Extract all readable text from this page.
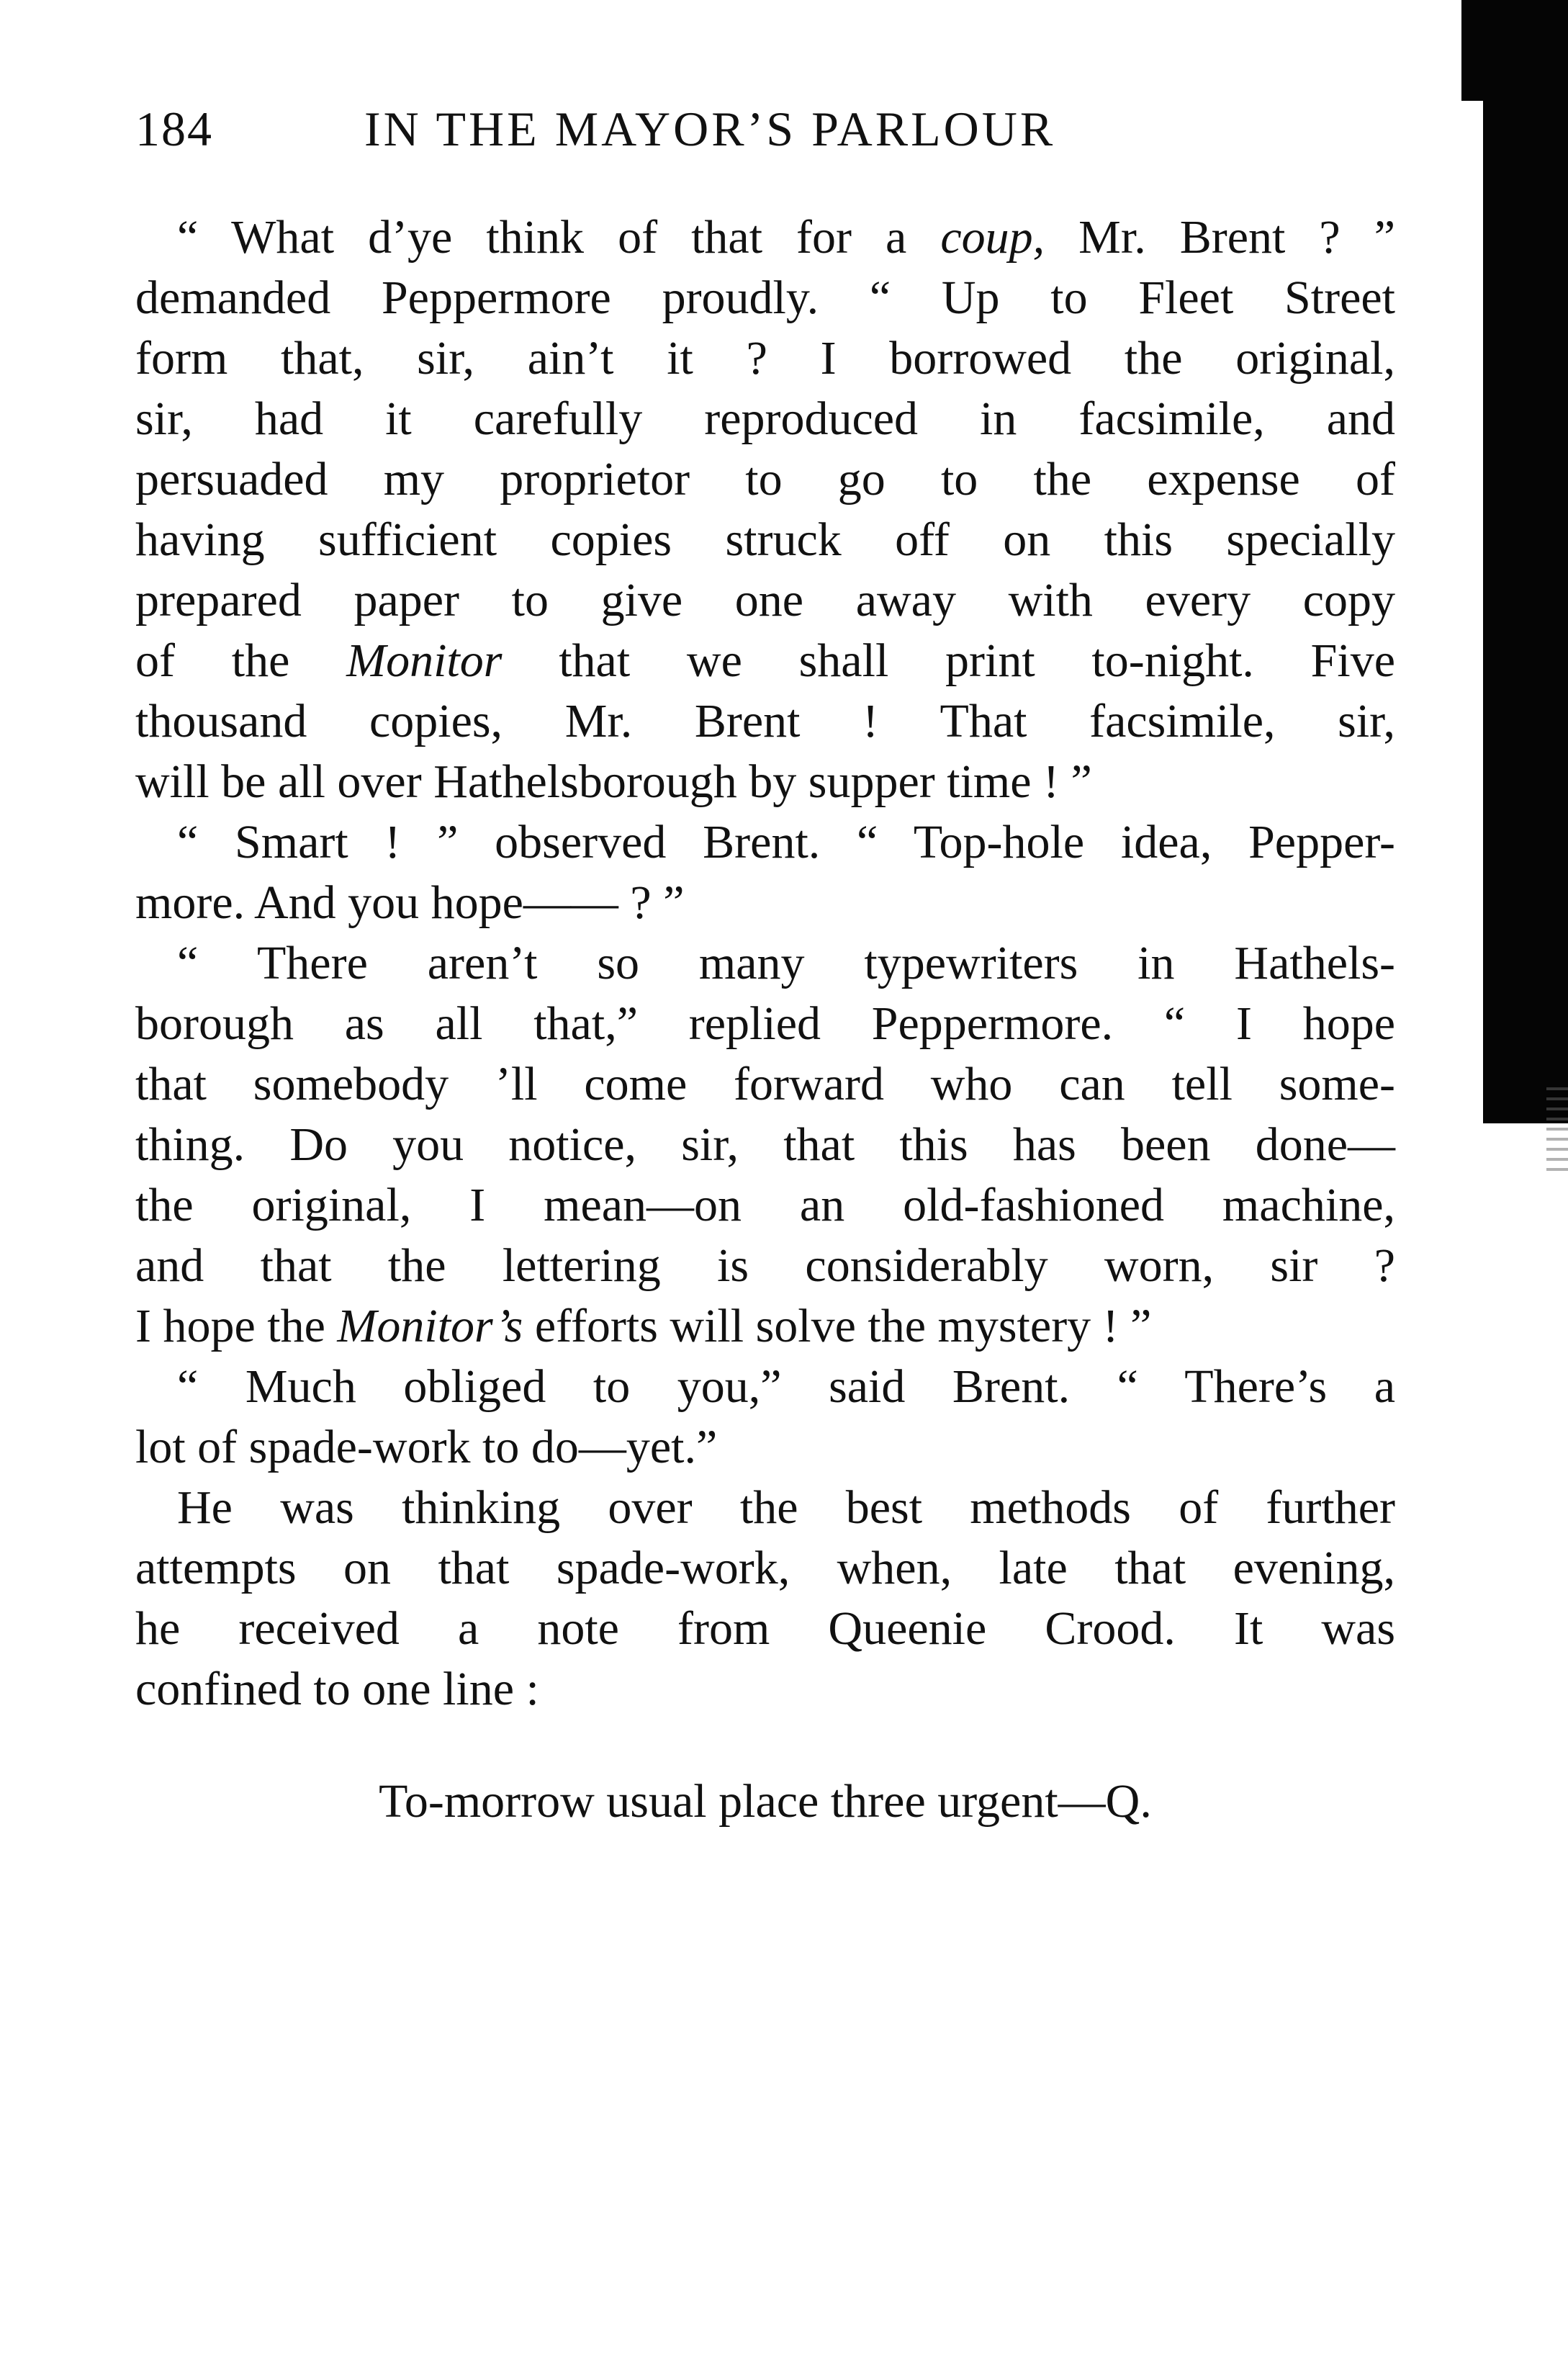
184	IN THE MAYOR’S PARLOUR
“ What d’ye think of that for a coup, Mr. Brent ? ”
demanded Peppermore proudly. “ Up to Fleet Street
form that, sir, ain’t it ? I borrowed the original,
sir, had it carefully reproduced in facsimile, and
persuaded my proprietor to go to the expense of
having sufficient copies struck off on this specially
prepared paper to give one away with every copy
of the Monitor that we shall print to-night. Five
thousand copies, Mr. Brent ! That facsimile, sir,
will be all over Hathelsborough by supper time ! ”
“ Smart ! ” observed Brent. “ Top-hole idea, Pepper-
more. And you hope—— ? ”
“ There aren’t so many typewriters in Hathels-
borough as all that,” replied Peppermore. “ I hope
that somebody ’ll come forward who can tell some-
thing. Do you notice, sir, that this has been done—
the original, I mean—on an old-fashioned machine,
and that the lettering is considerably worn, sir ?
I hope the Monitor’s efforts will solve the mystery ! ”
“ Much obliged to you,” said Brent. “ There’s a
lot of spade-work to do—yet.”
He was thinking over the best methods of further
attempts on that spade-work, when, late that evening,
he received a note from Queenie Crood. It was
confined to one line :
To-morrow usual place three urgent—Q.
